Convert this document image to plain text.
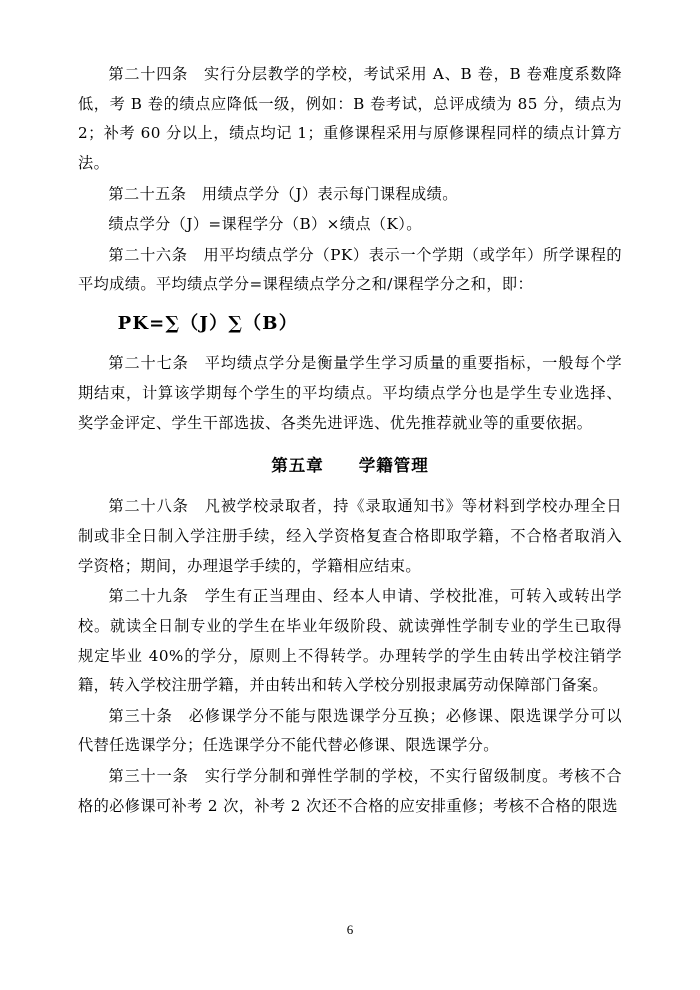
第二十四条　实行分层教学的学校，考试采用 A、B 卷，B 卷难度系数降低，考 B 卷的绩点应降低一级，例如：B 卷考试，总评成绩为 85 分，绩点为 2；补考 60 分以上，绩点均记 1；重修课程采用与原修课程同样的绩点计算方法。

第二十五条　用绩点学分（J）表示每门课程成绩。

绩点学分（J）=课程学分（B）×绩点（K）。

第二十六条　用平均绩点学分（PK）表示一个学期（或学年）所学课程的平均成绩。平均绩点学分=课程绩点学分之和/课程学分之和，即：

PK=∑（J）∑（B）

第二十七条　平均绩点学分是衡量学生学习质量的重要指标，一般每个学期结束，计算该学期每个学生的平均绩点。平均绩点学分也是学生专业选择、奖学金评定、学生干部选拔、各类先进评选、优先推荐就业等的重要依据。

第五章　　学籍管理

第二十八条　凡被学校录取者，持《录取通知书》等材料到学校办理全日制或非全日制入学注册手续，经入学资格复查合格即取学籍，不合格者取消入学资格；期间，办理退学手续的，学籍相应结束。

第二十九条　学生有正当理由、经本人申请、学校批准，可转入或转出学校。就读全日制专业的学生在毕业年级阶段、就读弹性学制专业的学生已取得规定毕业 40%的学分，原则上不得转学。办理转学的学生由转出学校注销学籍，转入学校注册学籍，并由转出和转入学校分别报隶属劳动保障部门备案。

第三十条　必修课学分不能与限选课学分互换；必修课、限选课学分可以代替任选课学分；任选课学分不能代替必修课、限选课学分。

第三十一条　实行学分制和弹性学制的学校，不实行留级制度。考核不合格的必修课可补考 2 次，补考 2 次还不合格的应安排重修；考核不合格的限选

6
